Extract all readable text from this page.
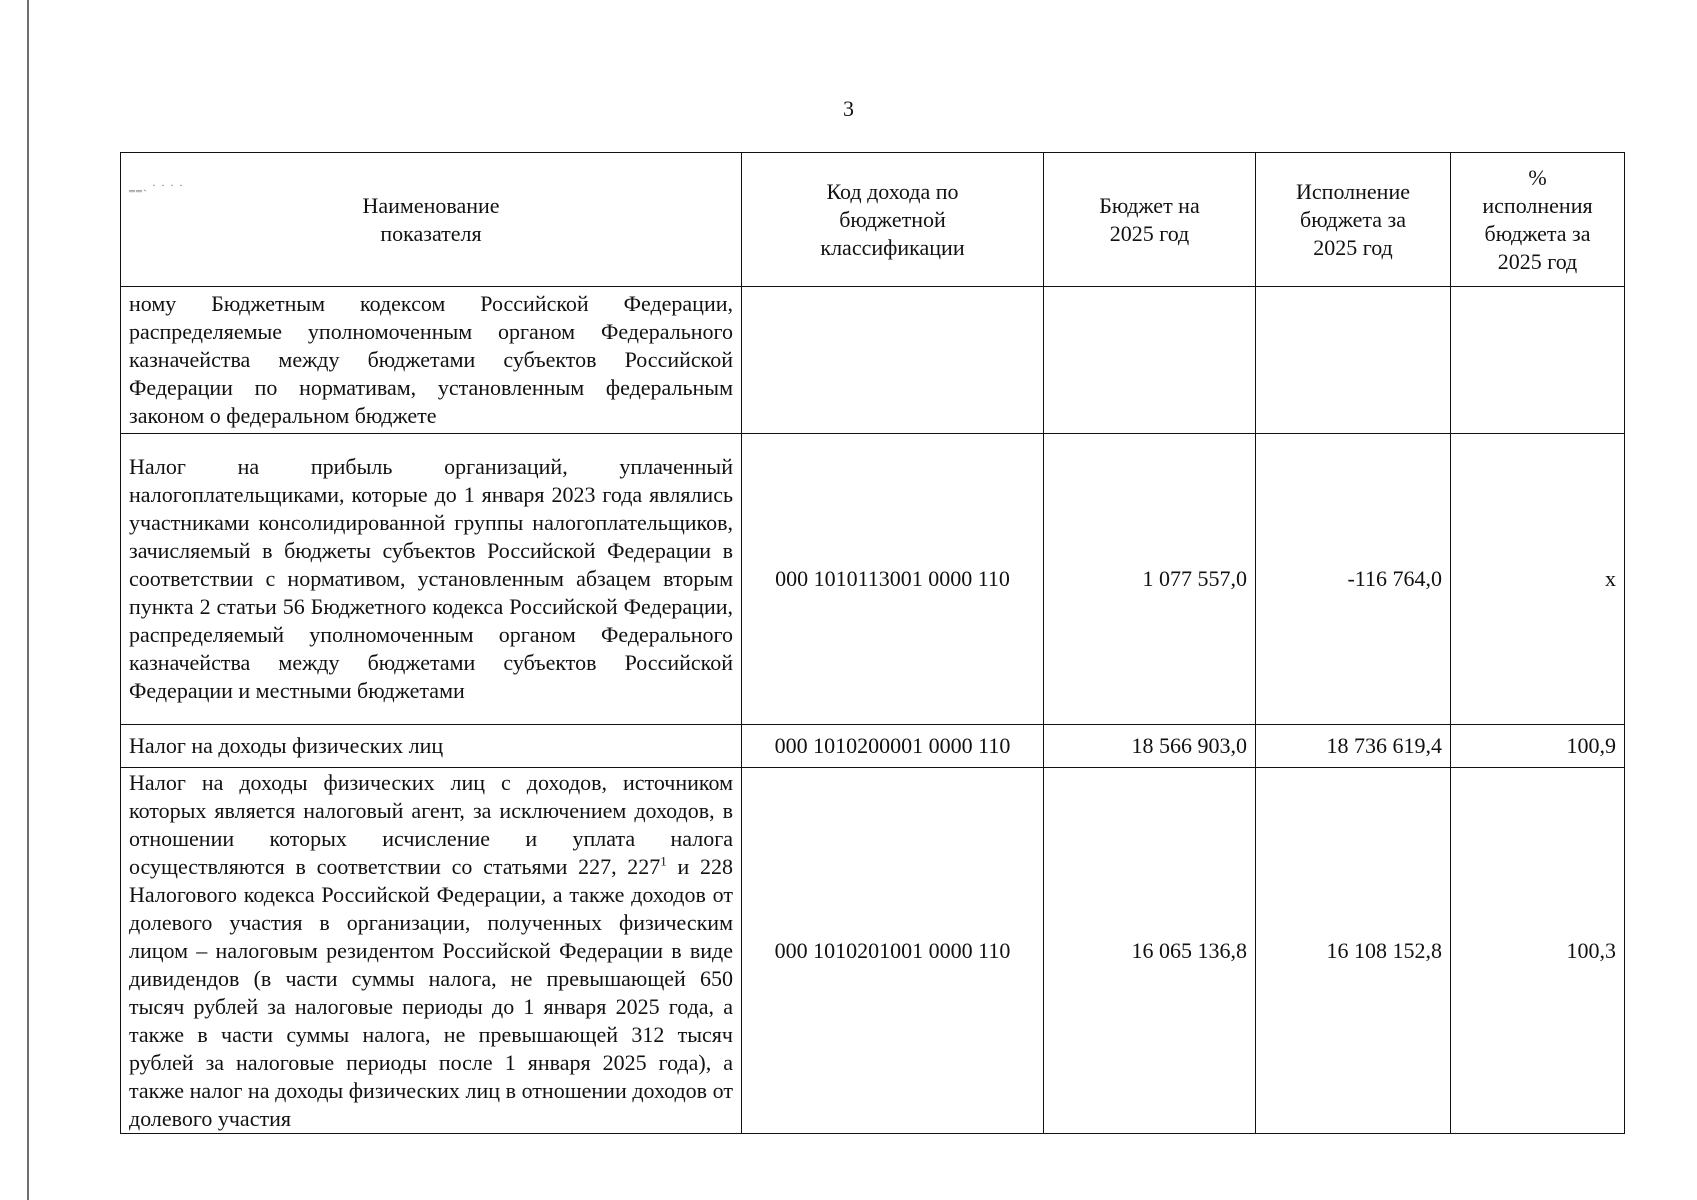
3
‗‗ˎ · · · ·
Наименование показателя	Код дохода по бюджетной классификации	Бюджет на 2025 год	Исполнение бюджета за 2025 год	% исполнения бюджета за 2025 год
ному Бюджетным кодексом Российской Федерации, распределяемые уполномоченным органом Федерального казначейства между бюджетами субъектов Российской Федерации по нормативам, установленным федеральным законом о федеральном бюджете				
Налог на прибыль организаций, уплаченный налогоплательщиками, которые до 1 января 2023 года являлись участниками консолидированной группы налогоплательщиков, зачисляемый в бюджеты субъектов Российской Федерации в соответствии с нормативом, установленным абзацем вторым пункта 2 статьи 56 Бюджетного кодекса Российской Федерации, распределяемый уполномоченным органом Федерального казначейства между бюджетами субъектов Российской Федерации и местными бюджетами	000 1010113001 0000 110	1 077 557,0	-116 764,0	x
Налог на доходы физических лиц	000 1010200001 0000 110	18 566 903,0	18 736 619,4	100,9
Налог на доходы физических лиц с доходов, источником которых является налоговый агент, за исключением доходов, в отношении которых исчисление и уплата налога осуществляются в соответствии со статьями 227, $227^1$ и 228 Налогового кодекса Российской Федерации, а также доходов от долевого участия в организации, полученных физическим лицом – налоговым резидентом Российской Федерации в виде дивидендов (в части суммы налога, не превышающей 650 тысяч рублей за налоговые периоды до 1 января 2025 года, а также в части суммы налога, не превышающей 312 тысяч рублей за налоговые периоды после 1 января 2025 года), а также налог на доходы физических лиц в отношении доходов от долевого участия	000 1010201001 0000 110	16 065 136,8	16 108 152,8	100,3
